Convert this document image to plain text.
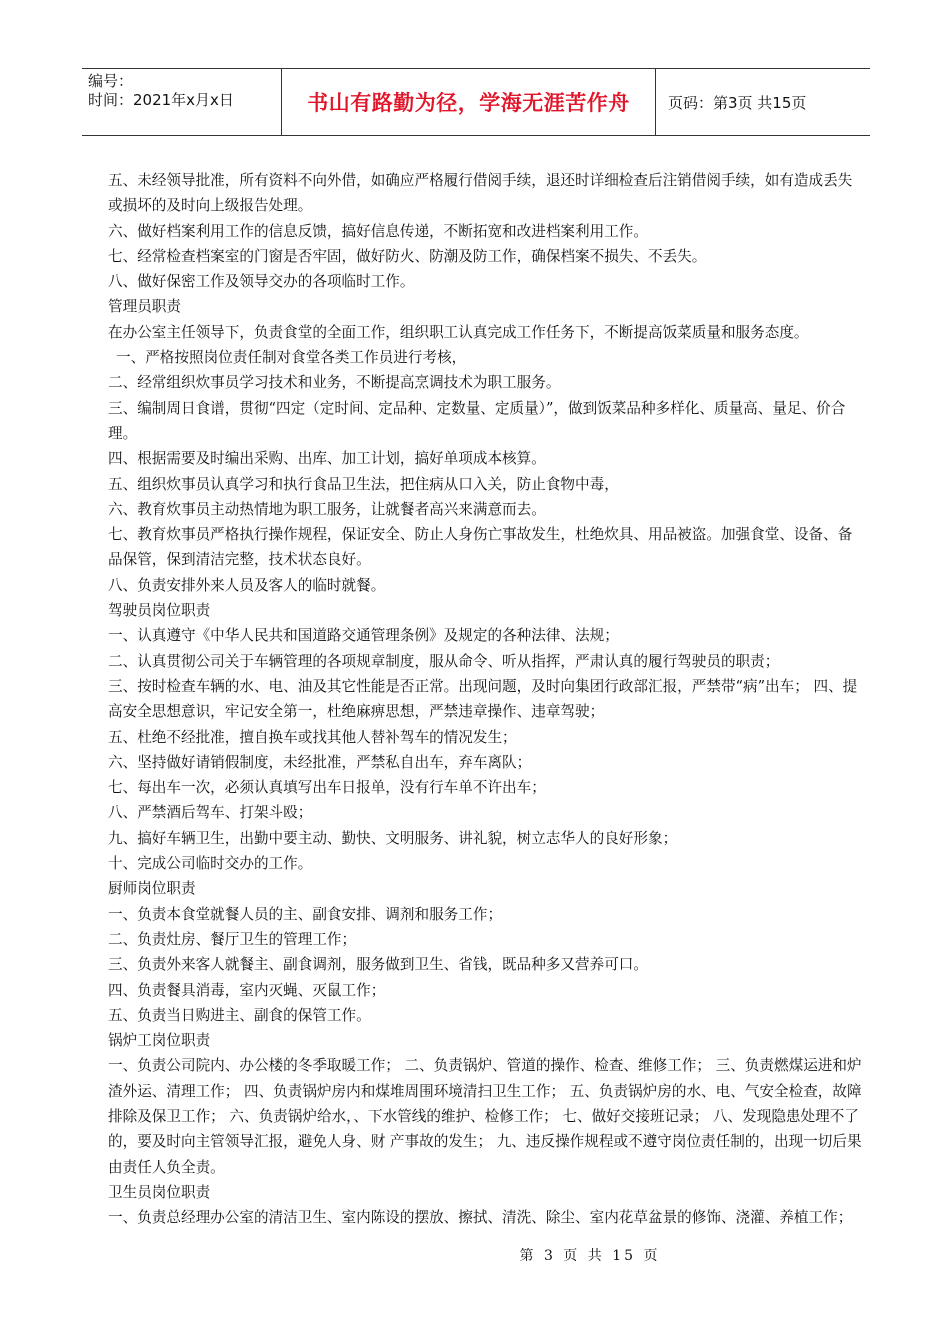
编号：
时间：2021年x月x日	书山有路勤为径，学海无涯苦作舟	页码：第3页 共15页

五、未经领导批准，所有资料不向外借，如确应严格履行借阅手续，退还时详细检查后注销借阅手续，如有造成丢失或损坏的及时向上级报告处理。

六、做好档案利用工作的信息反馈，搞好信息传递，不断拓宽和改进档案利用工作。

七、经常检查档案室的门窗是否牢固，做好防火、防潮及防工作，确保档案不损失、不丢失。

八、做好保密工作及领导交办的各项临时工作。

管理员职责

在办公室主任领导下，负责食堂的全面工作，组织职工认真完成工作任务下，不断提高饭菜质量和服务态度。

一、严格按照岗位责任制对食堂各类工作员进行考核，

二、经常组织炊事员学习技术和业务，不断提高烹调技术为职工服务。

三、编制周日食谱，贯彻“四定（定时间、定品种、定数量、定质量）”，做到饭菜品种多样化、质量高、量足、价合理。

四、根据需要及时编出采购、出库、加工计划，搞好单项成本核算。

五、组织炊事员认真学习和执行食品卫生法，把住病从口入关，防止食物中毒，

六、教育炊事员主动热情地为职工服务，让就餐者高兴来满意而去。

七、教育炊事员严格执行操作规程，保证安全、防止人身伤亡事故发生，杜绝炊具、用品被盗。加强食堂、设备、备品保管，保到清洁完整，技术状态良好。

八、负责安排外来人员及客人的临时就餐。

驾驶员岗位职责

一、认真遵守《中华人民共和国道路交通管理条例》及规定的各种法律、法规；

二、认真贯彻公司关于车辆管理的各项规章制度，服从命令、听从指挥，严肃认真的履行驾驶员的职责；

三、按时检查车辆的水、电、油及其它性能是否正常。出现问题，及时向集团行政部汇报，严禁带“病”出车； 四、提高安全思想意识，牢记安全第一，杜绝麻痹思想，严禁违章操作、违章驾驶；

五、杜绝不经批准，擅自换车或找其他人替补驾车的情况发生；

六、坚持做好请销假制度，未经批准，严禁私自出车，弃车离队；

七、每出车一次，必须认真填写出车日报单，没有行车单不许出车；

八、严禁酒后驾车、打架斗殴；

九、搞好车辆卫生，出勤中要主动、勤快、文明服务、讲礼貌，树立志华人的良好形象；

十、完成公司临时交办的工作。

厨师岗位职责

一、负责本食堂就餐人员的主、副食安排、调剂和服务工作；

二、负责灶房、餐厅卫生的管理工作；

三、负责外来客人就餐主、副食调剂，服务做到卫生、省钱，既品种多又营养可口。

四、负责餐具消毒，室内灭蝇、灭鼠工作；

五、负责当日购进主、副食的保管工作。

锅炉工岗位职责

一、负责公司院内、办公楼的冬季取暖工作； 二、负责锅炉、管道的操作、检查、维修工作； 三、负责燃煤运进和炉渣外运、清理工作； 四、负责锅炉房内和煤堆周围环境清扫卫生工作； 五、负责锅炉房的水、电、气安全检查，故障排除及保卫工作； 六、负责锅炉给水，、下水管线的维护、检修工作； 七、做好交接班记录； 八、发现隐患处理不了的，要及时向主管领导汇报，避免人身、财 产事故的发生； 九、违反操作规程或不遵守岗位责任制的，出现一切后果由责任人负全责。

卫生员岗位职责

一、负责总经理办公室的清洁卫生、室内陈设的摆放、擦拭、清洗、除尘、室内花草盆景的修饰、浇灌、养植工作；

第 3 页 共 15 页
